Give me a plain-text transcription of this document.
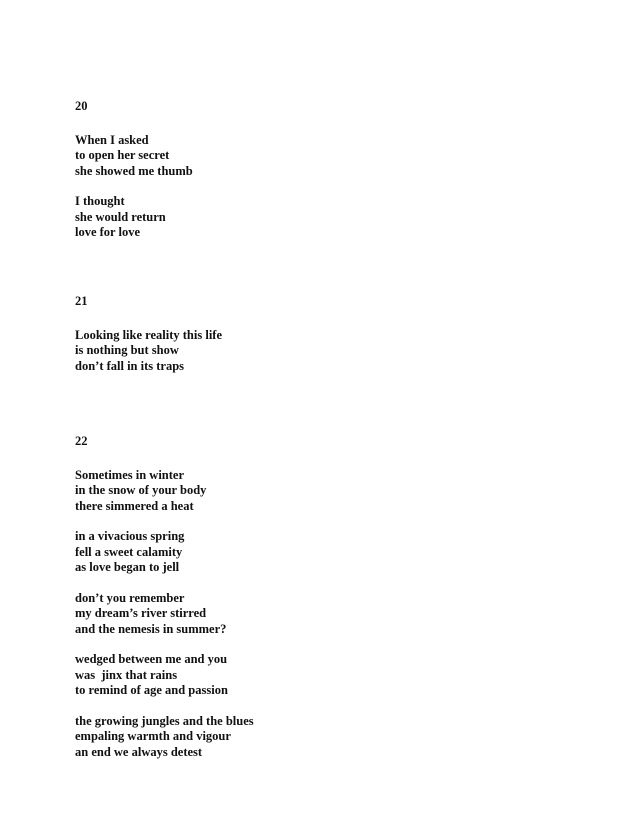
20
When I asked
to open her secret
she showed me thumb
I thought
she would return
love for love
21
Looking like reality this life
is nothing but show
don’t fall in its traps
22
Sometimes in winter
in the snow of your body
there simmered a heat
in a vivacious spring
fell a sweet calamity
as love began to jell
don’t you remember
my dream’s river stirred
and the nemesis in summer?
wedged between me and you
was  jinx that rains
to remind of age and passion
the growing jungles and the blues
empaling warmth and vigour
an end we always detest
